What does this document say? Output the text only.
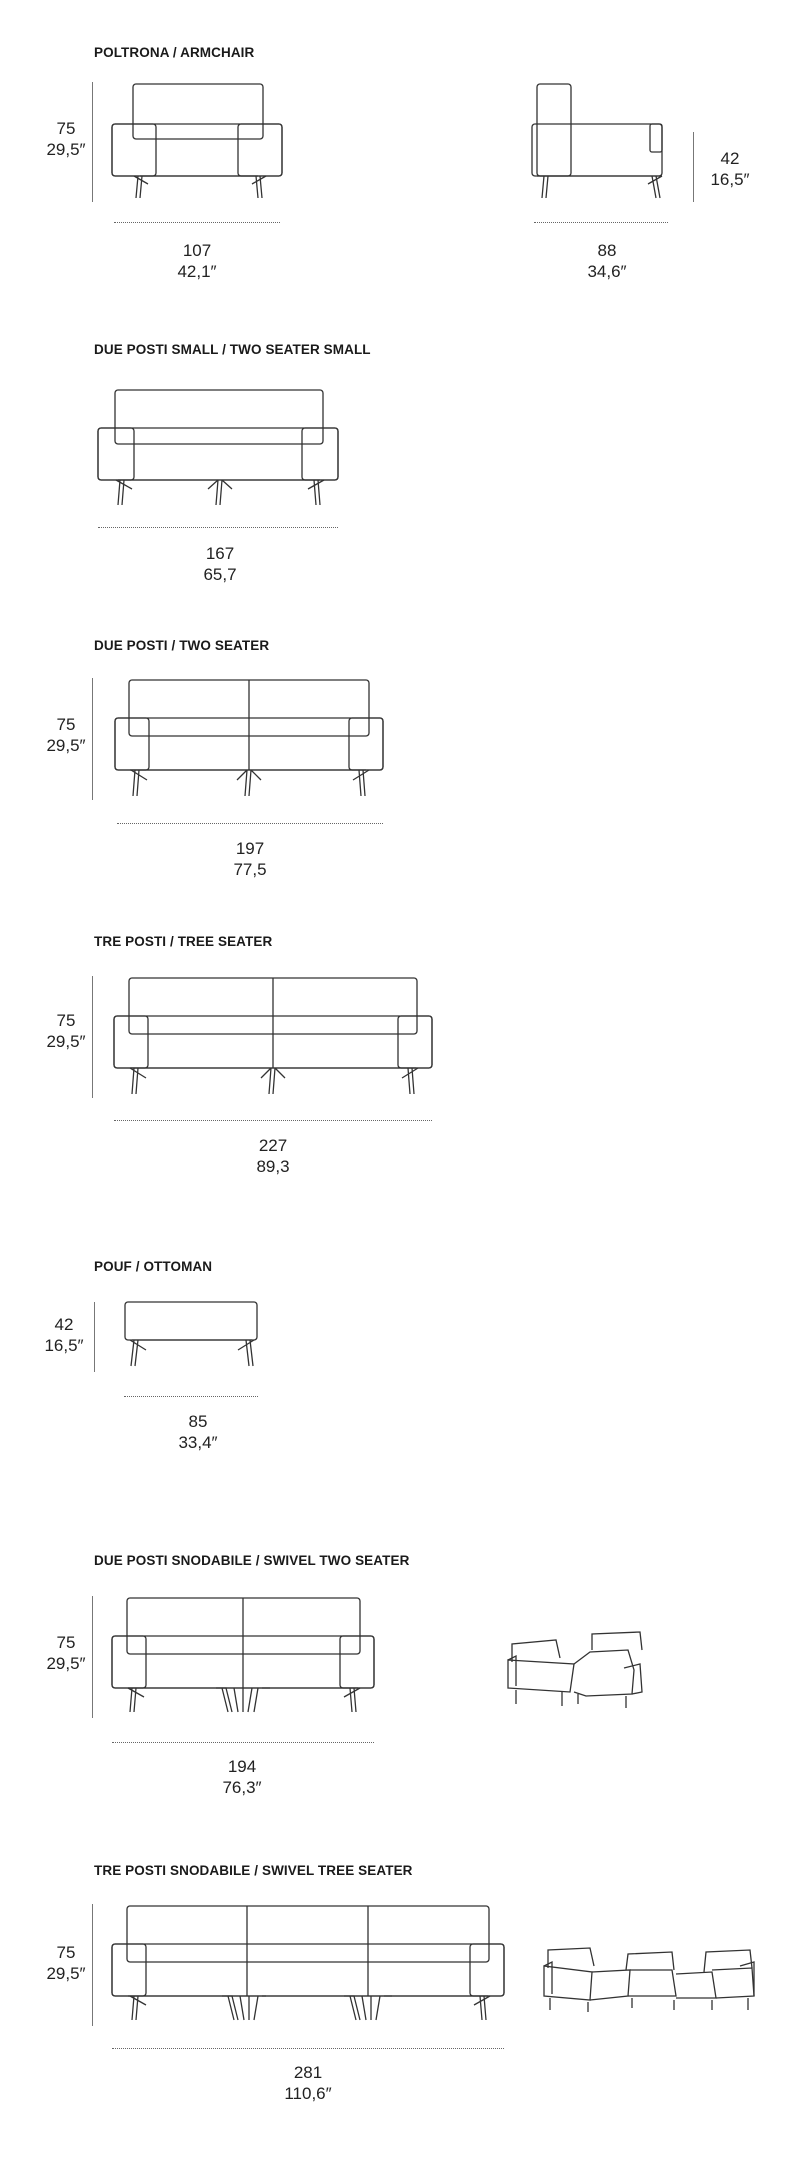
POLTRONA / ARMCHAIR
75
29,5″
107
42,1″
42
16,5″
88
34,6″
DUE POSTI SMALL / TWO SEATER SMALL
167
65,7
DUE POSTI / TWO SEATER
75
29,5″
197
77,5
TRE POSTI / TREE SEATER
75
29,5″
227
89,3
POUF / OTTOMAN
42
16,5″
85
33,4″
DUE POSTI SNODABILE / SWIVEL TWO SEATER
75
29,5″
194
76,3″
TRE POSTI SNODABILE / SWIVEL TREE SEATER
75
29,5″
281
110,6″
